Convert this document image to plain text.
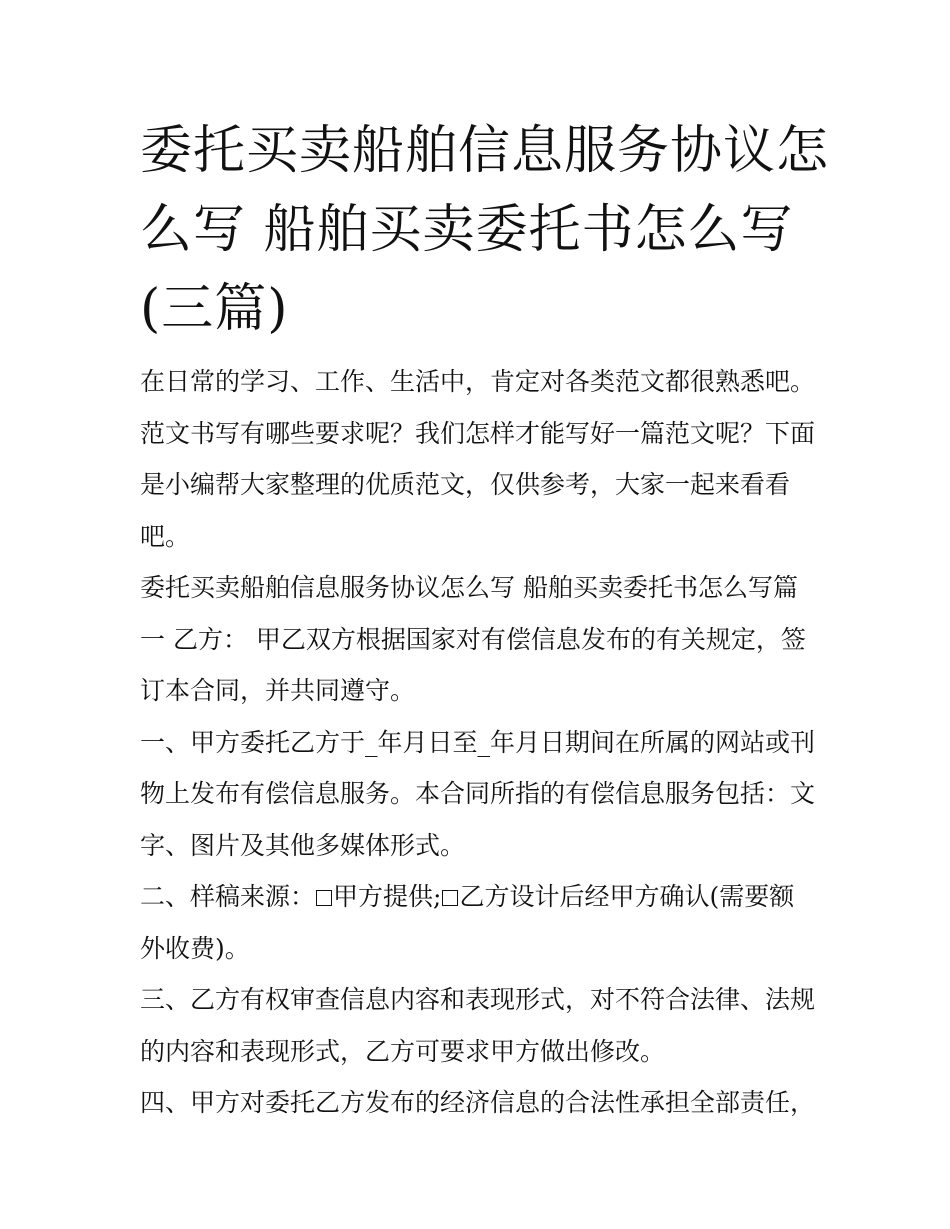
委托买卖船舶信息服务协议怎
么写 船舶买卖委托书怎么写
(三篇)

在日常的学习、工作、生活中，肯定对各类范文都很熟悉吧。

范文书写有哪些要求呢？我们怎样才能写好一篇范文呢？下面

是小编帮大家整理的优质范文，仅供参考，大家一起来看看

吧。

委托买卖船舶信息服务协议怎么写 船舶买卖委托书怎么写篇

一 乙方： 甲乙双方根据国家对有偿信息发布的有关规定，签

订本合同，并共同遵守。

一、甲方委托乙方于_年月日至_年月日期间在所属的网站或刊

物上发布有偿信息服务。本合同所指的有偿信息服务包括：文

字、图片及其他多媒体形式。

二、样稿来源： 甲方提供; 乙方设计后经甲方确认(需要额

外收费)。

三、乙方有权审查信息内容和表现形式，对不符合法律、法规

的内容和表现形式，乙方可要求甲方做出修改。

四、甲方对委托乙方发布的经济信息的合法性承担全部责任，
